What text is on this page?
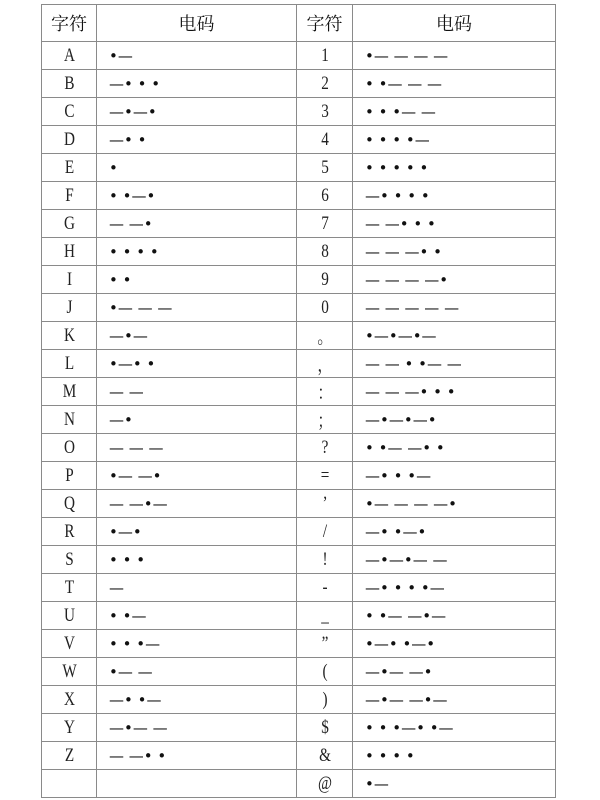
字符	电码	字符	电码
A	•—	1	•— — — —
B	—• • •	2	• •— — —
C	—•—•	3	• • •— —
D	—• •	4	• • • •—
E	•	5	• • • • •
F	• •—•	6	—• • • •
G	— —•	7	— —• • •
H	• • • •	8	— — —• •
I	• •	9	— — — —•
J	•— — —	0	— — — — —
K	—•—	。	•—•—•—
L	•—• •	，	— — • •— —
M	— —	：	— — —• • •
N	—•	；	—•—•—•
O	— — —	?	• •— —• •
P	•— —•	=	—• • •—
Q	— —•—	’	•— — — —•
R	•—•	/	—• •—•
S	• • •	!	—•—•— —
T	—	-	—• • • •—
U	• •—	_	• •— —•—
V	• • •—	”	•—• •—•
W	•— —	(	—•— —•
X	—• •—	)	—•— —•—
Y	—•— —	$	• • •—• •—
Z	— —• •	&	• • • •
		@	•—
